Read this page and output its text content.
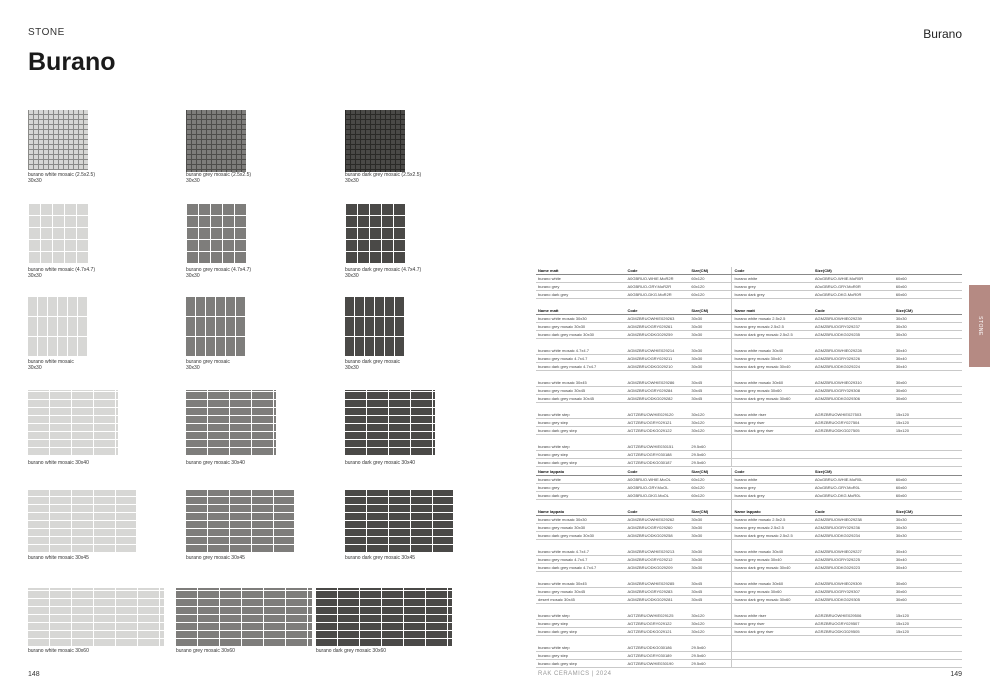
STONE
Burano
Burano
STONE
148	149
RAK CERAMICS | 2024
burano white mosaic (2.5x2.5)
30x30
burano grey mosaic (2.5x2.5)
30x30
burano dark grey mosaic (2.5x2.5)
30x30
burano white mosaic (4.7x4.7)
30x30
burano grey mosaic (4.7x4.7)
30x30
burano dark grey mosaic (4.7x4.7)
30x30
burano white mosaic
30x30
burano grey mosaic
30x30
burano dark grey mosaic
30x30
burano white mosaic 30x40	burano grey mosaic 30x40	burano dark grey mosaic 30x40
burano white mosaic 30x45	burano grey mosaic 30x45	burano dark grey mosaic 30x45
burano white mosaic 30x60	burano grey mosaic 30x60	burano dark grey mosaic 30x60
Name matt	Code	Size(CM)	Code	Size(CM)	
burano white	A0GBRUO-WHIE.MoR2R	60x120	burano white	A0oGBRUO-WHIE.MoR0R	60x60
burano grey	A0GBRUO-GRY.MoR2R	60x120	burano grey	A0oGBRUO-GRY.MoR0R	60x60
burano dark grey	A0GBRUO-DKG.MoR2R	60x120	burano dark grey	A0oGBRUO-DKG.MoR0R	60x60

Name matt	Code	Size(CM)	Name matt	Code	Size(CM)
burano white mosaic 30x30	AGMZBRUOWHIE029263	30x30	burano white mosaic 2.5x2.5	AGMZBRUOWHIE029239	30x30
burano grey mosaic 30x30	AGMZBRUOGRY029261	30x30	burano grey mosaic 2.5x2.5	AGMZBRUOGRY029237	30x30
burano dark grey mosaic 30x30	AGMZBRUODKG029259	30x30	burano dark grey mosaic 2.5x2.5	AGMZBRUODKG029235	30x30

burano white mosaic 4.7x4.7	AGMZBRUOWHIE029214	30x30	burano white mosaic 30x40	AGMZBRUOWHIE029228	30x40
burano grey mosaic 4.7x4.7	AGMZBRUOGRY029211	30x30	burano grey mosaic 30x40	AGMZBRUOGRY029226	30x40
burano dark grey mosaic 4.7x4.7	AGMZBRUODKG029210	30x30	burano dark grey mosaic 30x40	AGMZBRUODKG029224	30x40

burano white mosaic 30x45	AGMZBRUOWHIE029286	30x45	burano white mosaic 30x60	AGMZBRUOWHIE029310	30x60
burano grey mosaic 30x45	AGMZBRUOGRY029284	30x45	burano grey mosaic 30x60	AGMZBRUOGRY029308	30x60
burano dark grey mosaic 30x45	AGMZBRUODKG029282	30x45	burano dark grey mosaic 30x60	AGMZBRUODKG029306	30x60

burano white step	AGTZBRUOWHIE029120	30x120	burano white riser	AGRZBRUOWHIE027503	15x120
burano grey step	AGTZBRUOGRY029121	30x120	burano grey riser	AGRZBRUOGRY027504	15x120
burano dark grey step	AGTZBRUODKG029122	30x120	burano dark grey riser	AGRZBRUODKG027505	15x120

burano white step	AGTZBRUOWHIE030151	29.5x60			
burano grey step	AGTZBRUOGRY030188	29.5x60			
burano dark grey step	AGTZBRUODKG030187	29.5x60			
Name lappato	Code	Size(CM)	Code	Size(CM)	
burano white	A0GBRUO-WHIE.MoOL	60x120	burano white	A0oGBRUO-WHIE.MoR0L	60x60
burano grey	A0GBRUO-GRY.MoOL	60x120	burano grey	A0oGBRUO-GRY.MoR0L	60x60
burano dark grey	A0GBRUO-DKG.MoOL	60x120	burano dark grey	A0oGBRUO-DKG.MoR0L	60x60

Name lappato	Code	Size(CM)	Name lappato	Code	Size(CM)
burano white mosaic 30x30	AGMZBRUOWHIE029262	30x30	burano white mosaic 2.5x2.5	AGMZBRUOWHIE029238	30x30
burano grey mosaic 30x30	AGMZBRUOGRY029260	30x30	burano grey mosaic 2.5x2.5	AGMZBRUOGRY029236	30x30
burano dark grey mosaic 30x30	AGMZBRUODKG029258	30x30	burano dark grey mosaic 2.5x2.5	AGMZBRUODKG029234	30x30

burano white mosaic 4.7x4.7	AGMZBRUOWHIE029213	30x30	burano white mosaic 30x40	AGMZBRUOWHIE029227	30x40
burano grey mosaic 4.7x4.7	AGMZBRUOGRY029212	30x30	burano grey mosaic 30x40	AGMZBRUOGRY029225	30x40
burano dark grey mosaic 4.7x4.7	AGMZBRUODKG029209	30x30	burano dark grey mosaic 30x40	AGMZBRUODKG029223	30x40

burano white mosaic 30x45	AGMZBRUOWHIE029285	30x45	burano white mosaic 30x60	AGMZBRUOWHIE029309	30x60
burano grey mosaic 30x45	AGMZBRUOGRY029283	30x45	burano grey mosaic 30x60	AGMZBRUOGRY029307	30x60
desert mosaic 30x45	AGMZBRUODKG029281	30x45	burano dark grey mosaic 30x60	AGMZBRUODKG029305	30x60

burano white step	AGTZBRUOWHIE029125	30x120	burano white riser	AGRZBRUOWHIE029506	15x120
burano grey step	AGTZBRUOGRY029122	30x120	burano grey riser	AGRZBRUOGRY029507	15x120
burano dark grey step	AGTZBRUODKG029121	30x120	burano dark grey riser	AGRZBRUODKG029505	15x120

burano white step	AGTZBRUODKG030186	29.5x60			
burano grey step	AGTZBRUOGRY030189	29.5x60			
burano dark grey step	AGTZBRUOWHIE030190	29.5x60			
